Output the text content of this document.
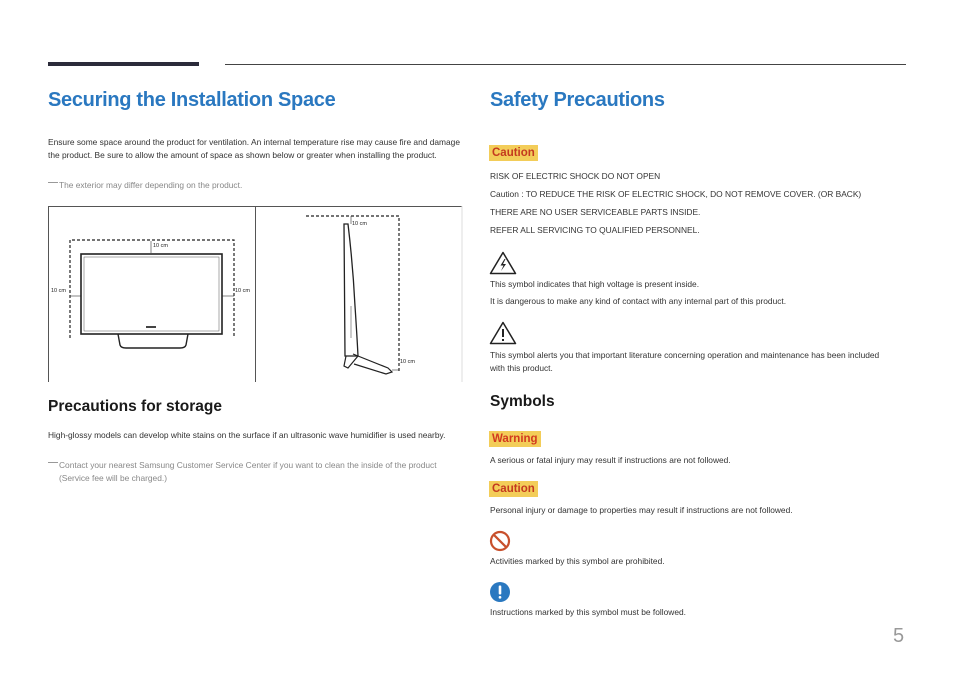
Securing the Installation Space
Ensure some space around the product for ventilation. An internal temperature rise may cause fire and damage the product. Be sure to allow the amount of space as shown below or greater when installing the product.
The exterior may differ depending on the product.
10 cm
10 cm	10 cm
10 cm
10 cm
Precautions for storage
High-glossy models can develop white stains on the surface if an ultrasonic wave humidifier is used nearby.
Contact your nearest Samsung Customer Service Center if you want to clean the inside of the product (Service fee will be charged.)
Safety Precautions
Caution
RISK OF ELECTRIC SHOCK DO NOT OPEN
Caution : TO REDUCE THE RISK OF ELECTRIC SHOCK, DO NOT REMOVE COVER. (OR BACK)
THERE ARE NO USER SERVICEABLE PARTS INSIDE.
REFER ALL SERVICING TO QUALIFIED PERSONNEL.
This symbol indicates that high voltage is present inside.
It is dangerous to make any kind of contact with any internal part of this product.
This symbol alerts you that important literature concerning operation and maintenance has been included with this product.
Symbols
Warning
A serious or fatal injury may result if instructions are not followed.
Caution
Personal injury or damage to properties may result if instructions are not followed.
Activities marked by this symbol are prohibited.
Instructions marked by this symbol must be followed.
5
